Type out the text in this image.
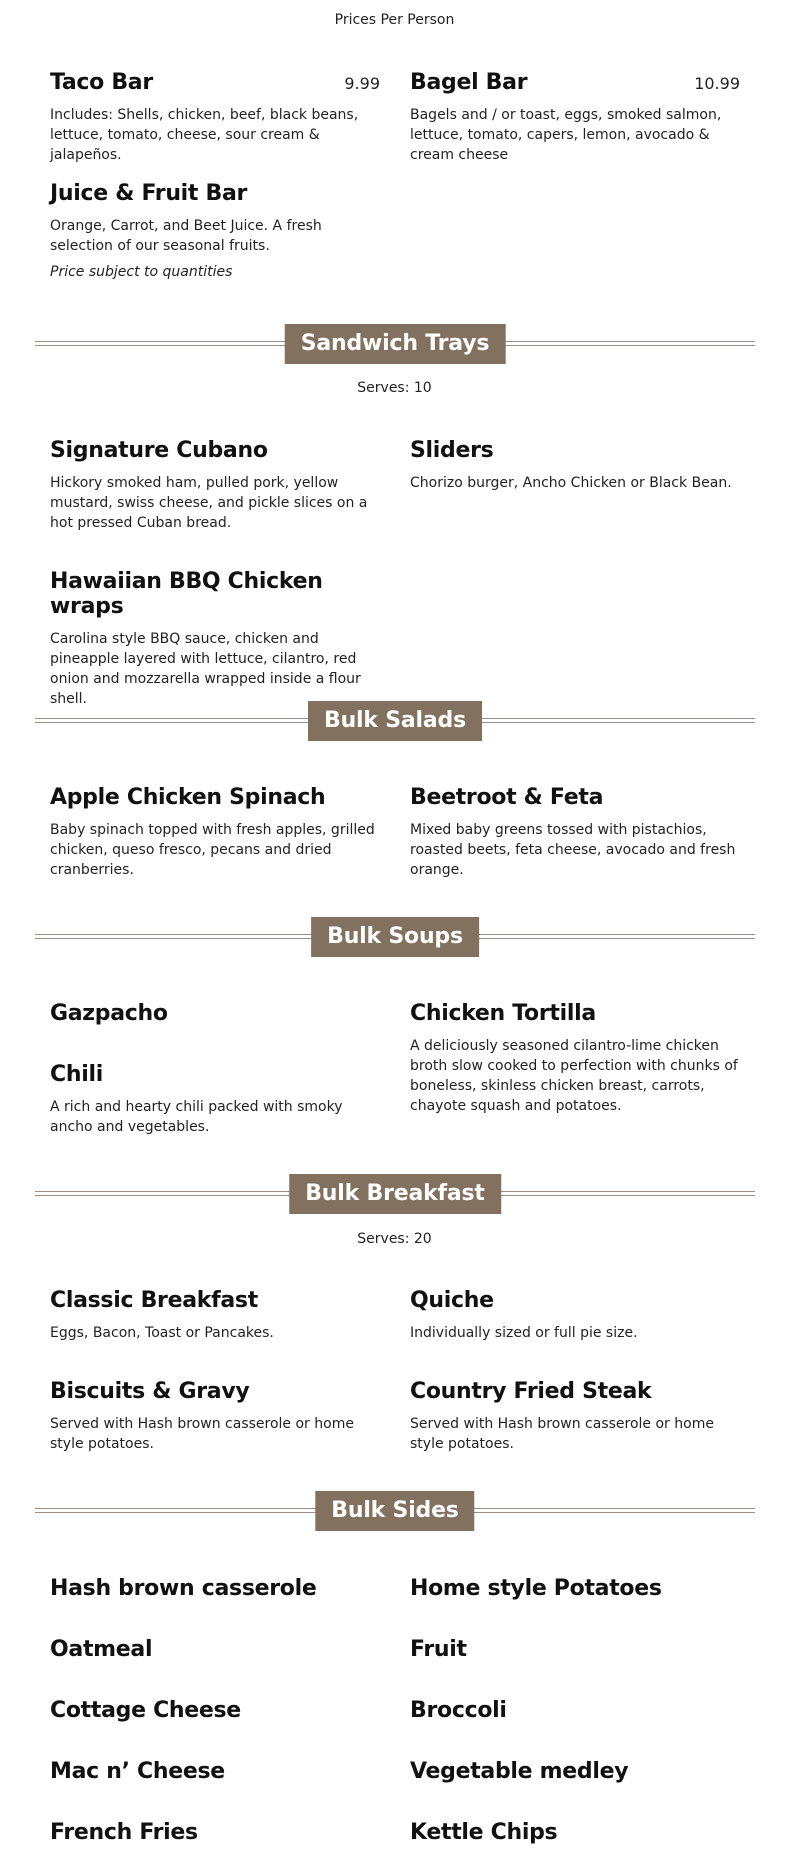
Prices Per Person
Taco Bar	9.99
Includes: Shells, chicken, beef, black beans, lettuce, tomato, cheese, sour cream & jalapeños.
Bagel Bar	10.99
Bagels and / or toast, eggs, smoked salmon, lettuce, tomato, capers, lemon, avocado & cream cheese
Juice & Fruit Bar
Orange, Carrot, and Beet Juice. A fresh selection of our seasonal fruits.
Price subject to quantities
Sandwich Trays
Serves: 10
Signature Cubano
Hickory smoked ham, pulled pork, yellow mustard, swiss cheese, and pickle slices on a hot pressed Cuban bread.
Sliders
Chorizo burger, Ancho Chicken or Black Bean.
Hawaiian BBQ Chicken wraps
Carolina style BBQ sauce, chicken and pineapple layered with lettuce, cilantro, red onion and mozzarella wrapped inside a flour shell.
Bulk Salads
Apple Chicken Spinach
Baby spinach topped with fresh apples, grilled chicken, queso fresco, pecans and dried cranberries.
Beetroot & Feta
Mixed baby greens tossed with pistachios, roasted beets, feta cheese, avocado and fresh orange.
Bulk Soups
Gazpacho	Chicken Tortilla
A deliciously seasoned cilantro-lime chicken broth slow cooked to perfection with chunks of boneless, skinless chicken breast, carrots, chayote squash and potatoes.
Chili
A rich and hearty chili packed with smoky ancho and vegetables.
Bulk Breakfast
Serves: 20
Classic Breakfast
Eggs, Bacon, Toast or Pancakes.
Quiche
Individually sized or full pie size.
Biscuits & Gravy
Served with Hash brown casserole or home style potatoes.
Country Fried Steak
Served with Hash brown casserole or home style potatoes.
Bulk Sides
Hash brown casserole	Home style Potatoes
Oatmeal	Fruit
Cottage Cheese	Broccoli
Mac n’ Cheese	Vegetable medley
French Fries	Kettle Chips
